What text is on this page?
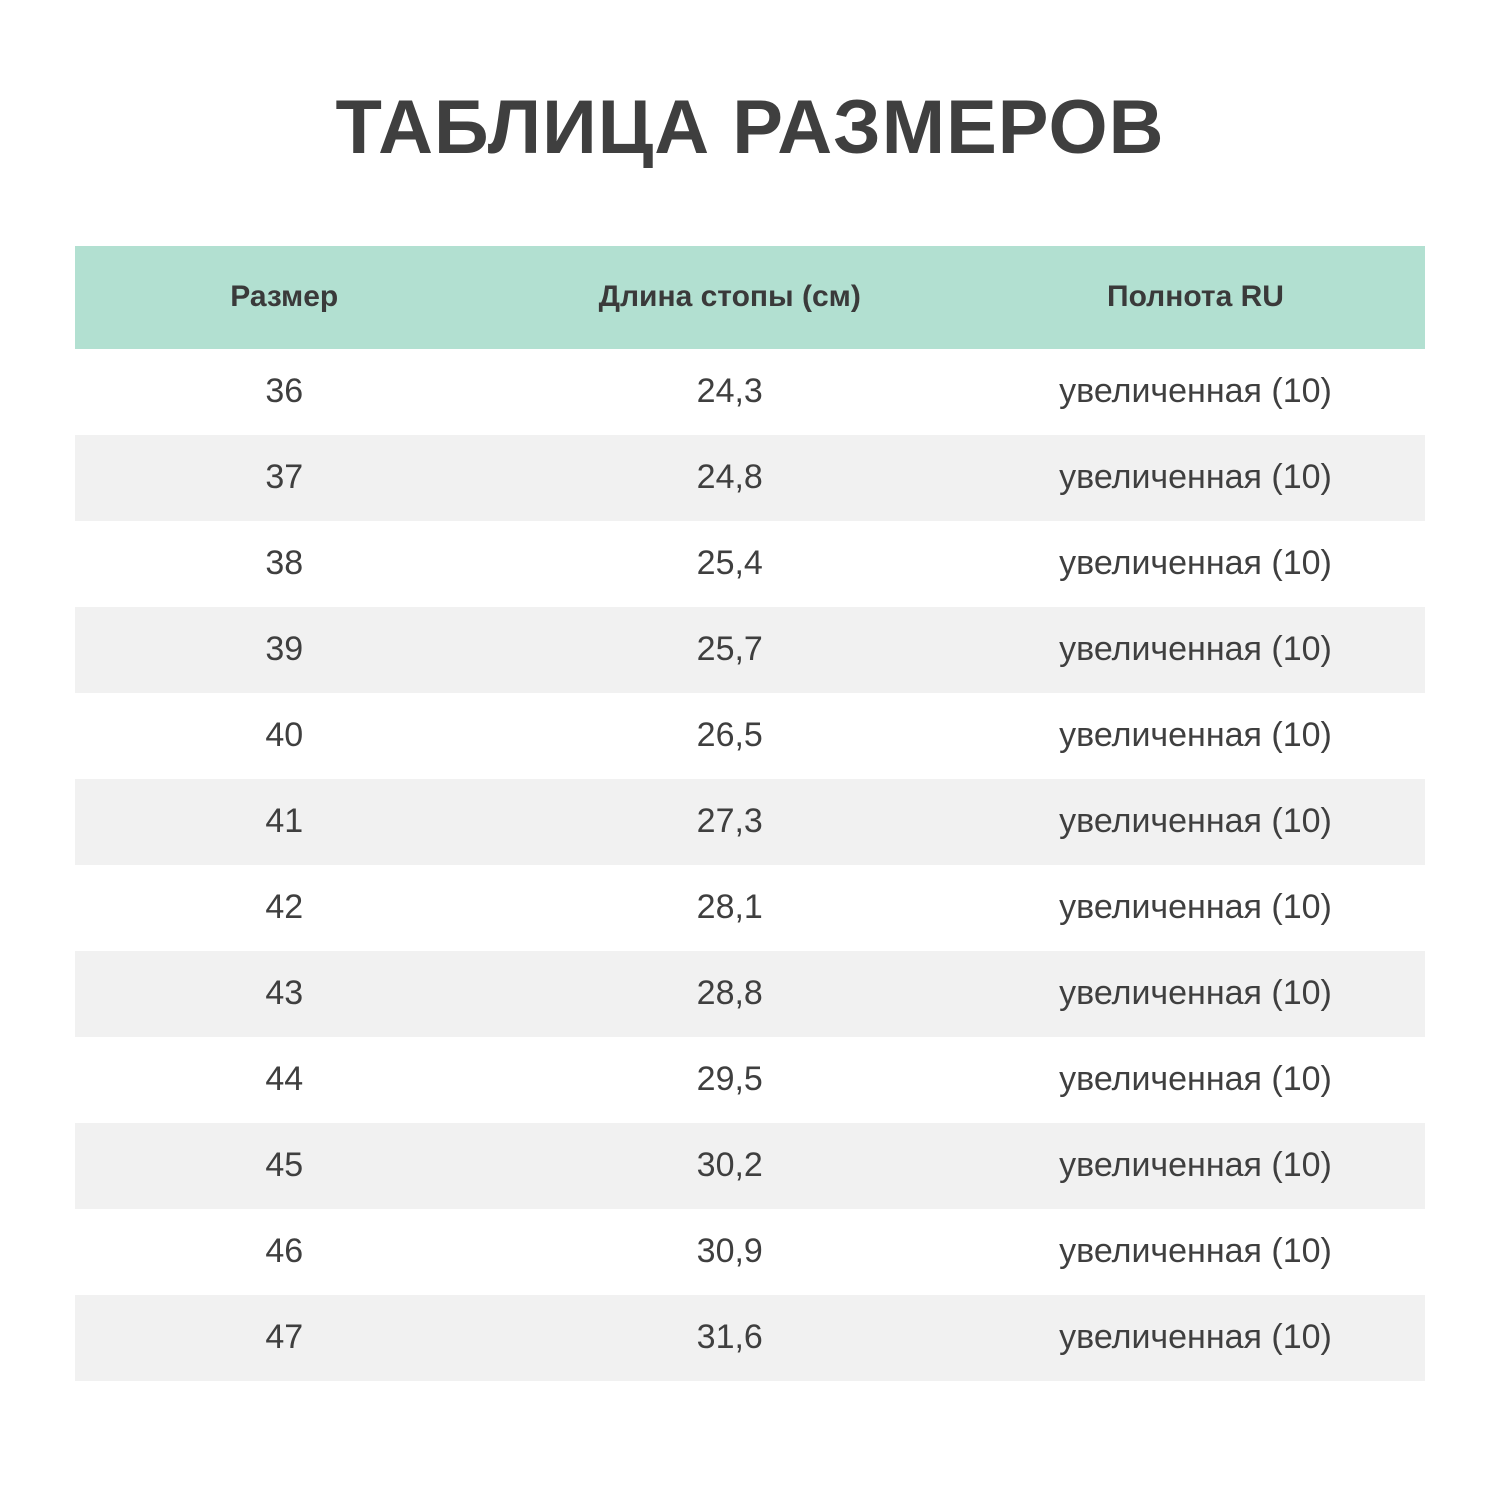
ТАБЛИЦА РАЗМЕРОВ
Размер	Длина стопы (см)	Полнота RU
36	24,3	увеличенная (10)
37	24,8	увеличенная (10)
38	25,4	увеличенная (10)
39	25,7	увеличенная (10)
40	26,5	увеличенная (10)
41	27,3	увеличенная (10)
42	28,1	увеличенная (10)
43	28,8	увеличенная (10)
44	29,5	увеличенная (10)
45	30,2	увеличенная (10)
46	30,9	увеличенная (10)
47	31,6	увеличенная (10)
